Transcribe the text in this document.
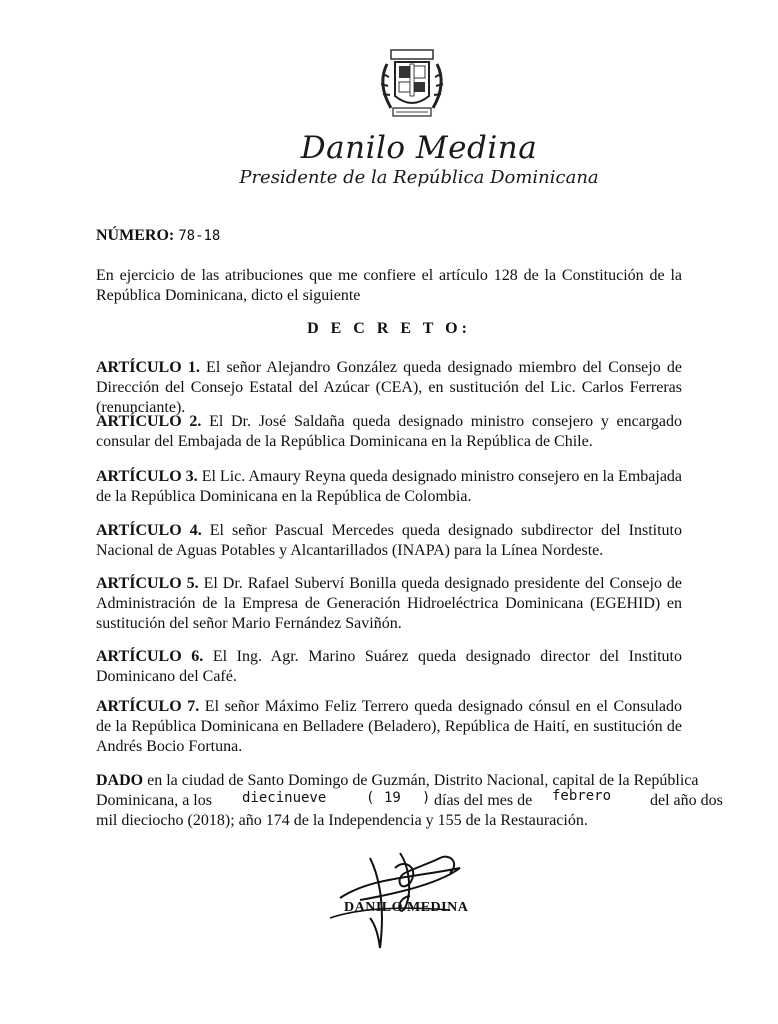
Danilo Medina
Presidente de la República Dominicana
NÚMERO: 78-18
En ejercicio de las atribuciones que me confiere el artículo 128 de la Constitución de la República Dominicana, dicto el siguiente
D E C R E T O:
ARTÍCULO 1. El señor Alejandro González queda designado miembro del Consejo de Dirección del Consejo Estatal del Azúcar (CEA), en sustitución del Lic. Carlos Ferreras (renunciante).
ARTÍCULO 2. El Dr. José Saldaña queda designado ministro consejero y encargado consular del Embajada de la República Dominicana en la República de Chile.
ARTÍCULO 3. El Lic. Amaury Reyna queda designado ministro consejero en la Embajada de la República Dominicana en la República de Colombia.
ARTÍCULO 4. El señor Pascual Mercedes queda designado subdirector del Instituto Nacional de Aguas Potables y Alcantarillados (INAPA) para la Línea Nordeste.
ARTÍCULO 5. El Dr. Rafael Suberví Bonilla queda designado presidente del Consejo de Administración de la Empresa de Generación Hidroeléctrica Dominicana (EGEHID) en sustitución del señor Mario Fernández Saviñón.
ARTÍCULO 6. El Ing. Agr. Marino Suárez queda designado director del Instituto Dominicano del Café.
ARTÍCULO 7. El señor Máximo Feliz Terrero queda designado cónsul en el Consulado de la República Dominicana en Belladere (Beladero), República de Haití, en sustitución de Andrés Bocio Fortuna.
DADO en la ciudad de Santo Domingo de Guzmán, Distrito Nacional, capital de la República
Dominicana, a los diecinueve	( 19 ) días del mes de febrero del año dos
mil dieciocho (2018); año 174 de la Independencia y 155 de la Restauración.
DANILO MEDINA
